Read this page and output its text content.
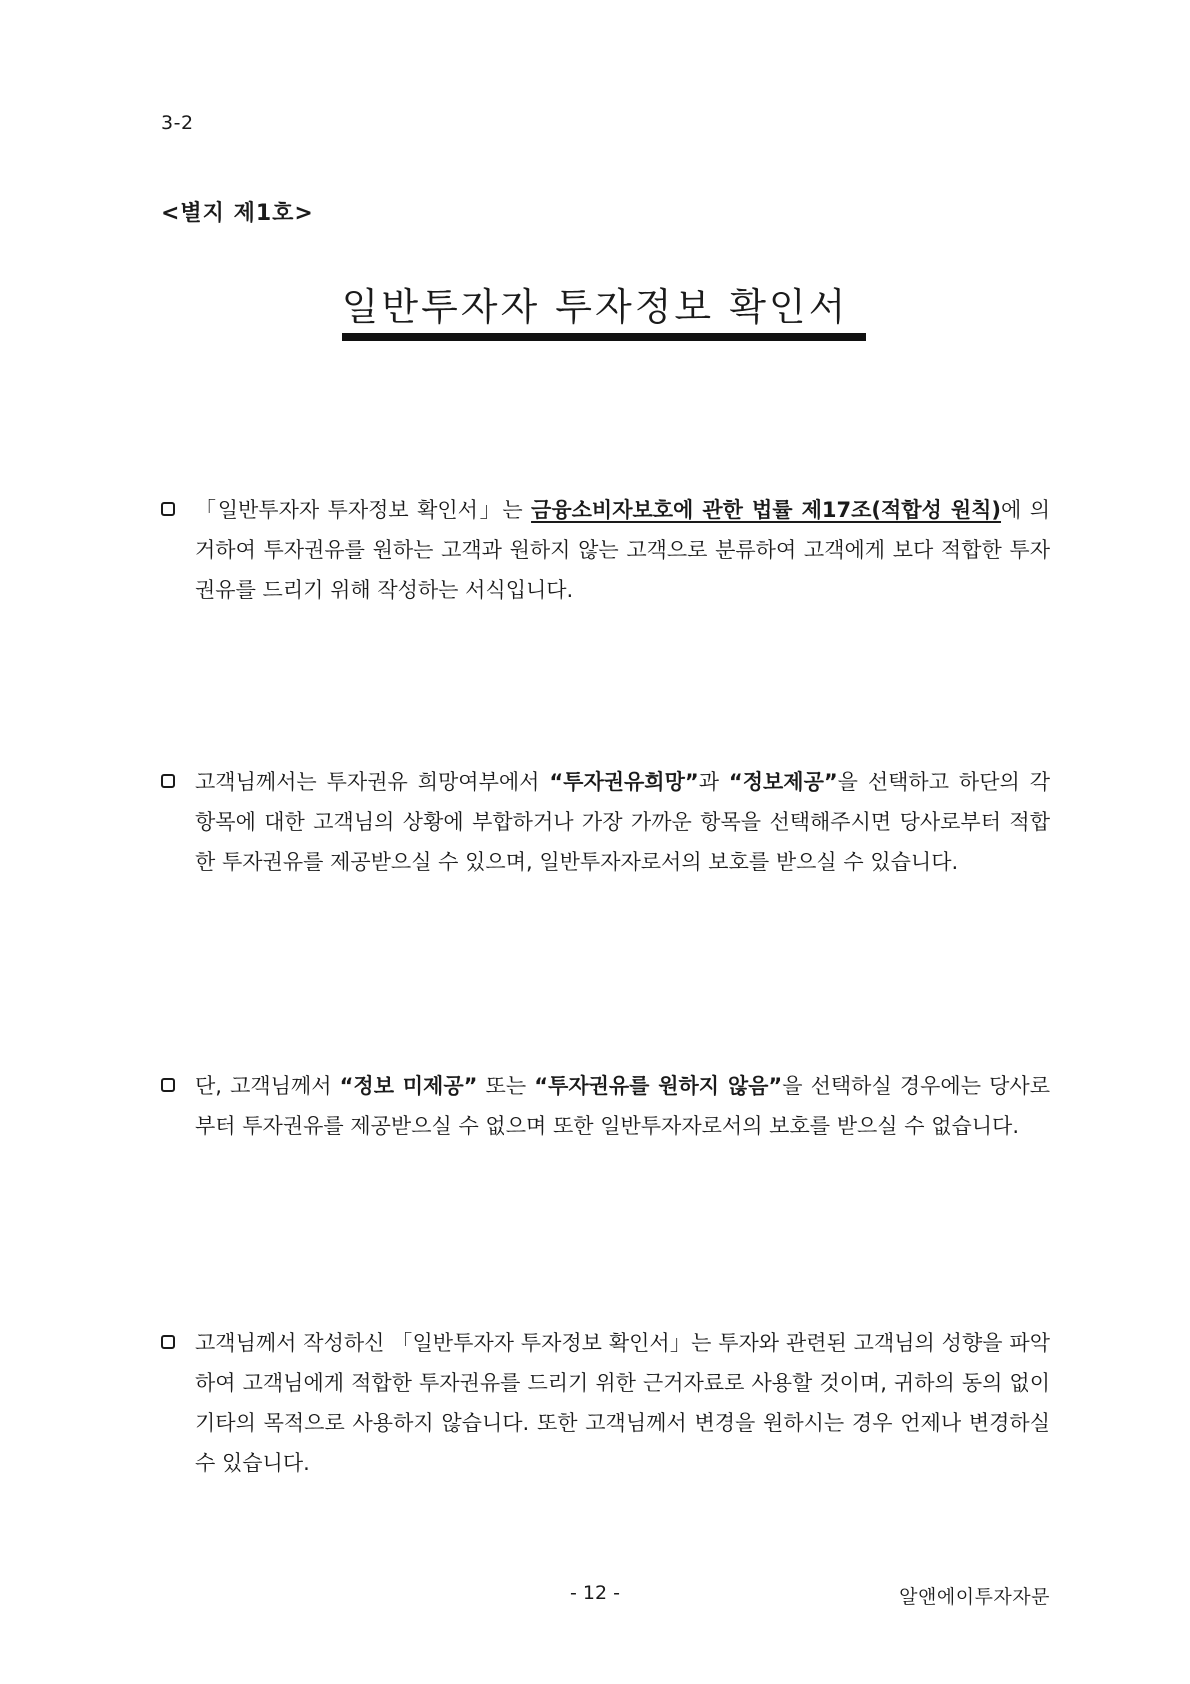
3-2
<별지 제1호>
일반투자자 투자정보 확인서
「일반투자자 투자정보 확인서」는 금융소비자보호에 관한 법률 제17조(적합성 원칙)에 의거하여 투자권유를 원하는 고객과 원하지 않는 고객으로 분류하여 고객에게 보다 적합한 투자권유를 드리기 위해 작성하는 서식입니다.
고객님께서는 투자권유 희망여부에서 “투자권유희망”과 “정보제공”을 선택하고 하단의 각 항목에 대한 고객님의 상황에 부합하거나 가장 가까운 항목을 선택해주시면 당사로부터 적합한 투자권유를 제공받으실 수 있으며, 일반투자자로서의 보호를 받으실 수 있습니다.
단, 고객님께서 “정보 미제공” 또는 “투자권유를 원하지 않음”을 선택하실 경우에는 당사로부터 투자권유를 제공받으실 수 없으며 또한 일반투자자로서의 보호를 받으실 수 없습니다.
고객님께서 작성하신 「일반투자자 투자정보 확인서」는 투자와 관련된 고객님의 성향을 파악하여 고객님에게 적합한 투자권유를 드리기 위한 근거자료로 사용할 것이며, 귀하의 동의 없이 기타의 목적으로 사용하지 않습니다. 또한 고객님께서 변경을 원하시는 경우 언제나 변경하실 수 있습니다.
- 12 -	알앤에이투자자문
